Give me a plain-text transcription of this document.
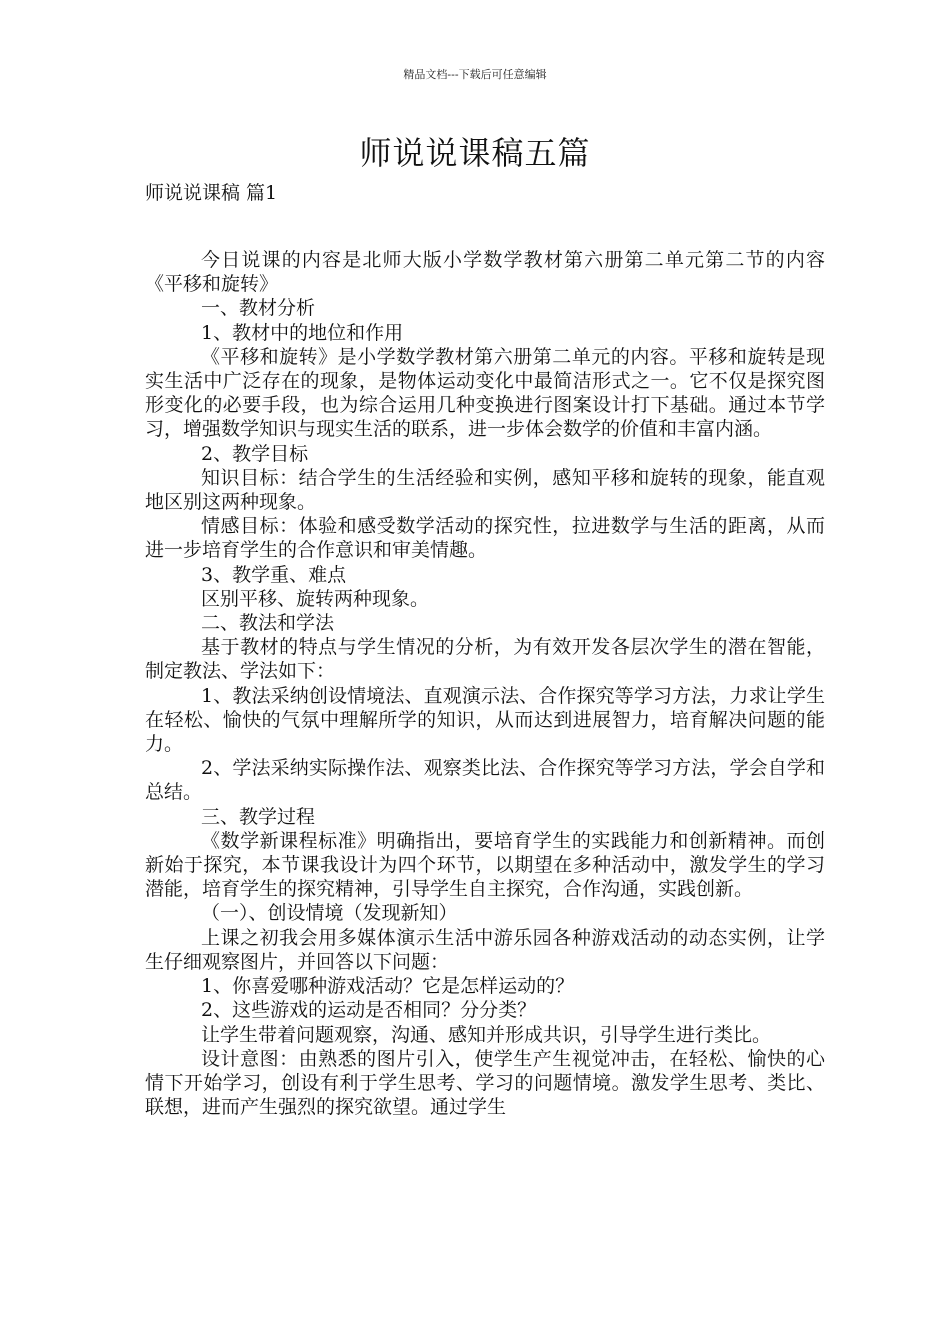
精品文档---下载后可任意编辑
师说说课稿五篇
师说说课稿 篇1

今日说课的内容是北师大版小学数学教材第六册第二单元第二节的内容《平移和旋转》

一、教材分析

1、教材中的地位和作用

《平移和旋转》是小学数学教材第六册第二单元的内容。平移和旋转是现实生活中广泛存在的现象，是物体运动变化中最简洁形式之一。它不仅是探究图形变化的必要手段，也为综合运用几种变换进行图案设计打下基础。通过本节学习，增强数学知识与现实生活的联系，进一步体会数学的价值和丰富内涵。

2、教学目标

知识目标：结合学生的生活经验和实例，感知平移和旋转的现象，能直观地区别这两种现象。

情感目标：体验和感受数学活动的探究性，拉进数学与生活的距离，从而进一步培育学生的合作意识和审美情趣。

3、教学重、难点

区别平移、旋转两种现象。

二、教法和学法

基于教材的特点与学生情况的分析，为有效开发各层次学生的潜在智能，制定教法、学法如下：

1、教法采纳创设情境法、直观演示法、合作探究等学习方法，力求让学生在轻松、愉快的气氛中理解所学的知识，从而达到进展智力，培育解决问题的能力。

2、学法采纳实际操作法、观察类比法、合作探究等学习方法，学会自学和总结。

三、教学过程

《数学新课程标准》明确指出，要培育学生的实践能力和创新精神。而创新始于探究，本节课我设计为四个环节，以期望在多种活动中，激发学生的学习潜能，培育学生的探究精神，引导学生自主探究，合作沟通，实践创新。

（一）、创设情境（发现新知）

上课之初我会用多媒体演示生活中游乐园各种游戏活动的动态实例，让学生仔细观察图片，并回答以下问题：

1、你喜爱哪种游戏活动？它是怎样运动的？

2、这些游戏的运动是否相同？分分类？

让学生带着问题观察，沟通、感知并形成共识，引导学生进行类比。

设计意图：由熟悉的图片引入，使学生产生视觉冲击，在轻松、愉快的心情下开始学习，创设有利于学生思考、学习的问题情境。激发学生思考、类比、联想，进而产生强烈的探究欲望。通过学生
